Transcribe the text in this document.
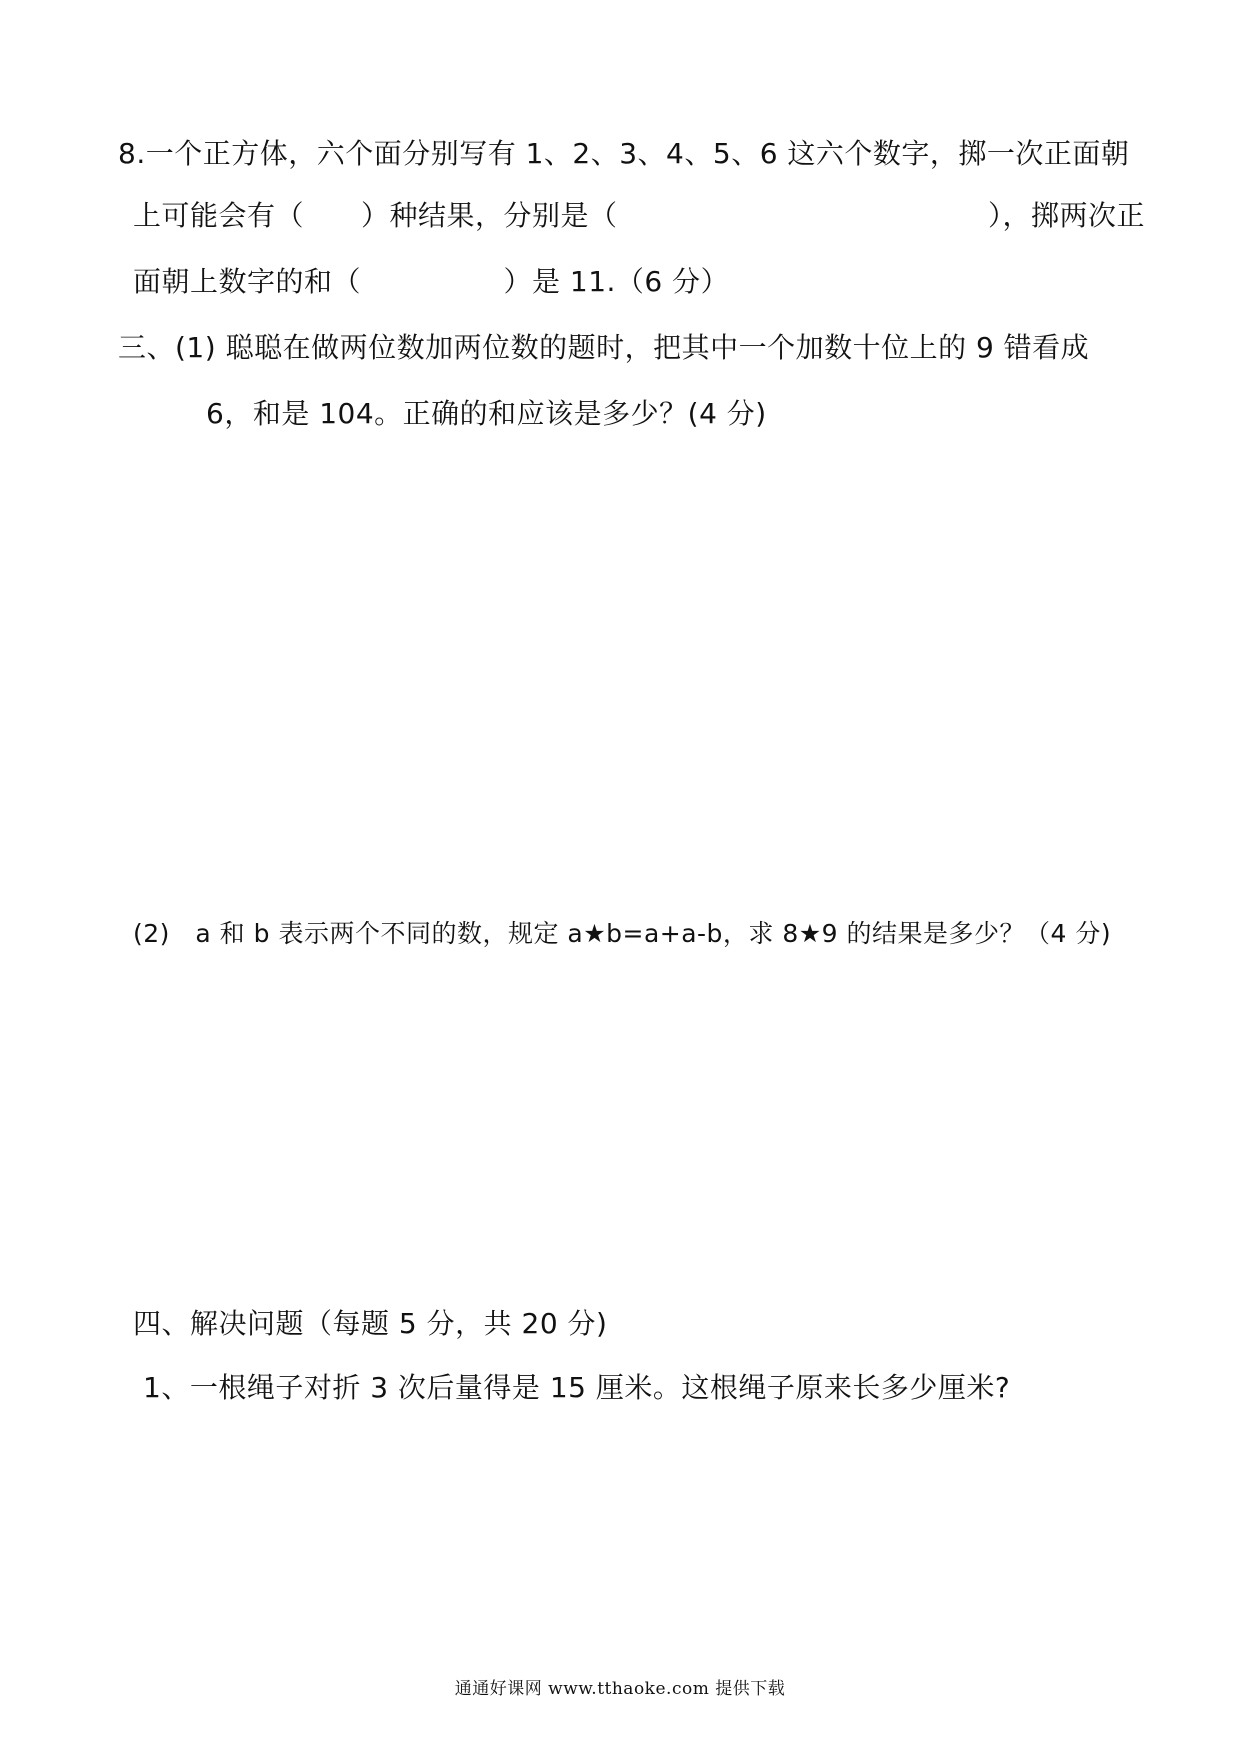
8.一个正方体，六个面分别写有 1、2、3、4、5、6 这六个数字，掷一次正面朝
上可能会有（　　）种结果，分别是（　　　　　　　　　　　　　），掷两次正
面朝上数字的和（　　　　　）是 11.（6 分）
三、(1) 聪聪在做两位数加两位数的题时，把其中一个加数十位上的 9 错看成
6，和是 104。正确的和应该是多少？(4 分)
(2)　a 和 b 表示两个不同的数，规定 a★b=a+a-b，求 8★9 的结果是多少？（4 分)
四、解决问题（每题 5 分，共 20 分)
1、一根绳子对折 3 次后量得是 15 厘米。这根绳子原来长多少厘米?
通通好课网 www.tthaoke.com 提供下载
